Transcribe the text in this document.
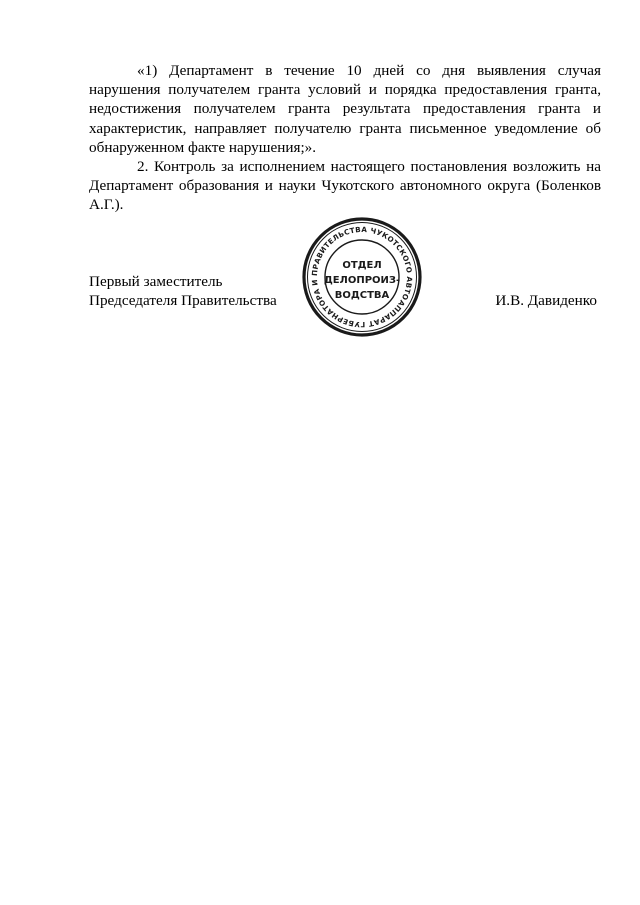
«1) Департамент в течение 10 дней со дня выявления случая нарушения получателем гранта условий и порядка предоставления гранта, недостижения получателем гранта результата предоставления гранта и характеристик, направляет получателю гранта письменное уведомление об обнаруженном факте нарушения;».

2. Контроль за исполнением настоящего постановления возложить на Департамент образования и науки Чукотского автономного округа (Боленков А.Г.).

Первый заместитель
Председателя Правительства	И.В. Давиденко
АППАРАТ ГУБЕРНАТОРА И ПРАВИТЕЛЬСТВА ЧУКОТСКОГО АВТОНОМНОГО
ОТДЕЛ
ДЕЛОПРОИЗ-
ВОДСТВА
